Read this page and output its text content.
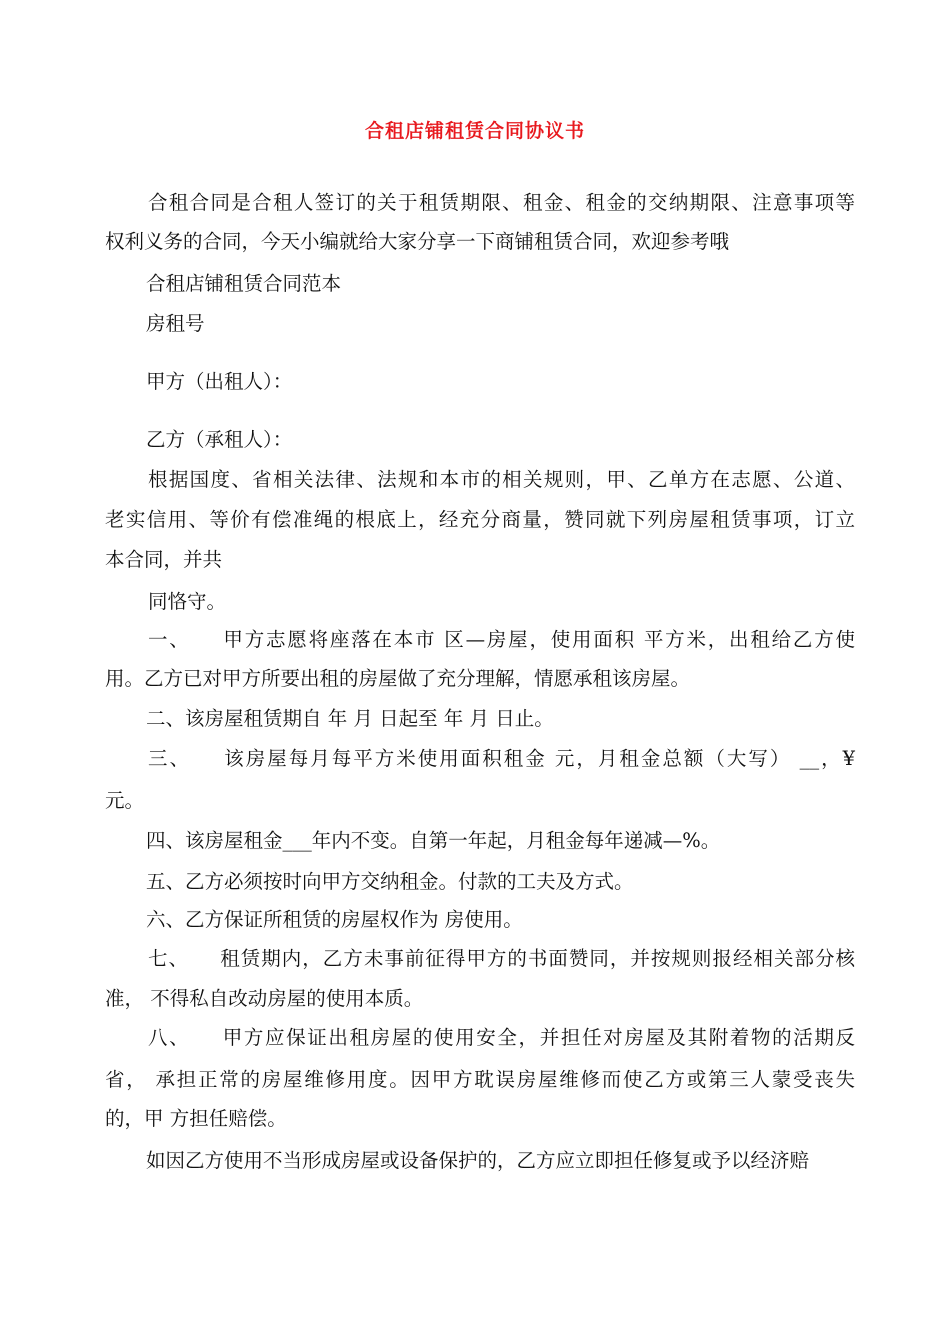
合租店铺租赁合同协议书
合租合同是合租人签订的关于租赁期限、租金、租金的交纳期限、注意事项等
权利义务的合同，今天小编就给大家分享一下商铺租赁合同，欢迎参考哦
合租店铺租赁合同范本
房租号
甲方（出租人）：
乙方（承租人）：
根据国度、省相关法律、法规和本市的相关规则，甲、乙单方在志愿、公道、
老实信用、等价有偿准绳的根底上，经充分商量，赞同就下列房屋租赁事项，订立
本合同，并共
同恪守。
一、　　甲方志愿将座落在本市 区—房屋，使用面积 平方米，出租给乙方使
用。乙方已对甲方所要出租的房屋做了充分理解，情愿承租该房屋。
二、该房屋租赁期自 年 月 日起至 年 月 日止。
三、　　该房屋每月每平方米使用面积租金 元，月租金总额（大写） __，¥
元。
四、该房屋租金___年内不变。自第一年起，月租金每年递减—%。
五、乙方必须按时向甲方交纳租金。付款的工夫及方式。
六、乙方保证所租赁的房屋权作为 房使用。
七、　　租赁期内，乙方未事前征得甲方的书面赞同，并按规则报经相关部分核
准， 不得私自改动房屋的使用本质。
八、　　甲方应保证出租房屋的使用安全，并担任对房屋及其附着物的活期反
省， 承担正常的房屋维修用度。因甲方耽误房屋维修而使乙方或第三人蒙受丧失
的，甲 方担任赔偿。
如因乙方使用不当形成房屋或设备保护的，乙方应立即担任修复或予以经济赔
